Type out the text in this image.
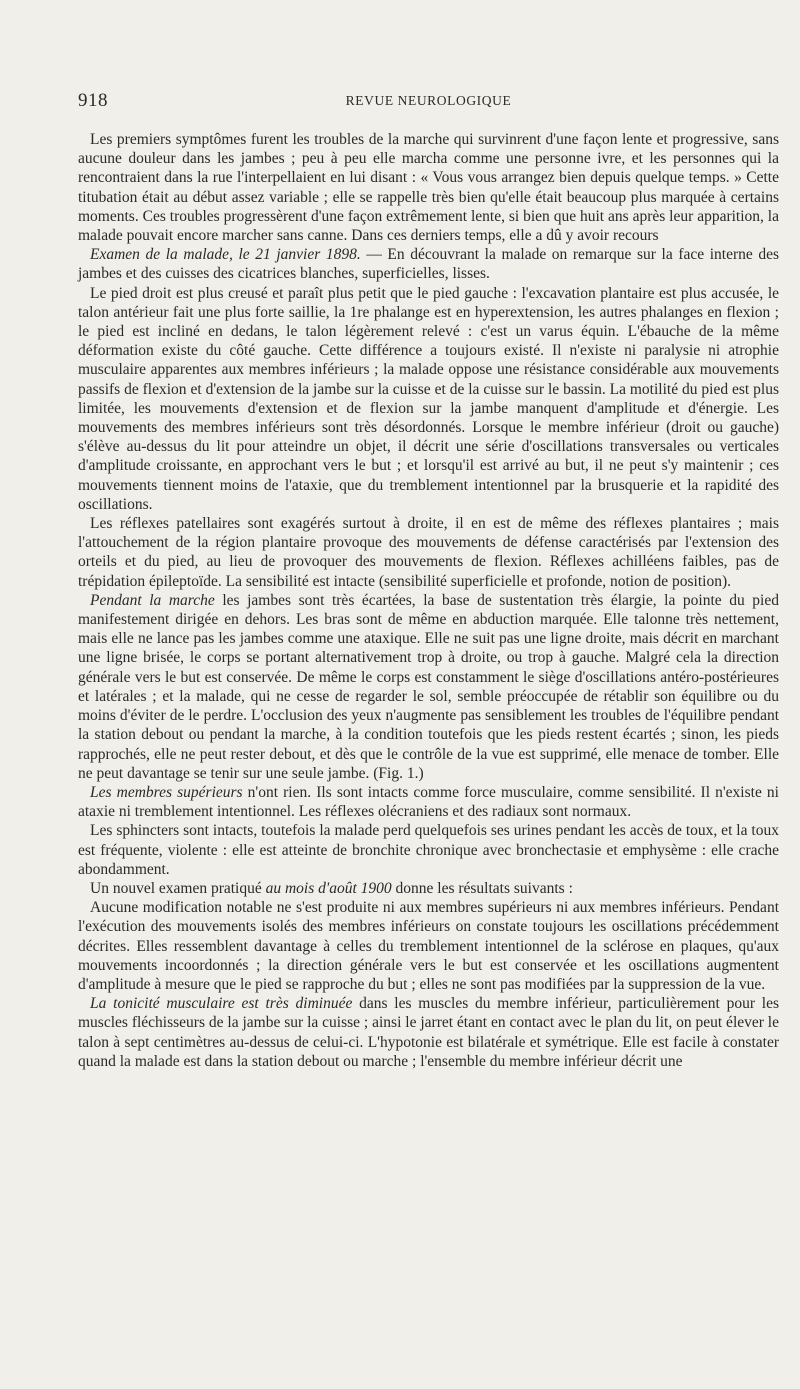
918	REVUE NEUROLOGIQUE

Les premiers symptômes furent les troubles de la marche qui survinrent d'une façon lente et progressive, sans aucune douleur dans les jambes ; peu à peu elle marcha comme une personne ivre, et les personnes qui la rencontraient dans la rue l'interpellaient en lui disant : « Vous vous arrangez bien depuis quelque temps. » Cette titubation était au début assez variable ; elle se rappelle très bien qu'elle était beaucoup plus marquée à certains moments. Ces troubles progressèrent d'une façon extrêmement lente, si bien que huit ans après leur apparition, la malade pouvait encore marcher sans canne. Dans ces derniers temps, elle a dû y avoir recours

Examen de la malade, le 21 janvier 1898. — En découvrant la malade on remarque sur la face interne des jambes et des cuisses des cicatrices blanches, superficielles, lisses.

Le pied droit est plus creusé et paraît plus petit que le pied gauche : l'excavation plantaire est plus accusée, le talon antérieur fait une plus forte saillie, la 1re phalange est en hyperextension, les autres phalanges en flexion ; le pied est incliné en dedans, le talon légèrement relevé : c'est un varus équin. L'ébauche de la même déformation existe du côté gauche. Cette différence a toujours existé. Il n'existe ni paralysie ni atrophie musculaire apparentes aux membres inférieurs ; la malade oppose une résistance considérable aux mouvements passifs de flexion et d'extension de la jambe sur la cuisse et de la cuisse sur le bassin. La motilité du pied est plus limitée, les mouvements d'extension et de flexion sur la jambe manquent d'amplitude et d'énergie. Les mouvements des membres inférieurs sont très désordonnés. Lorsque le membre inférieur (droit ou gauche) s'élève au-dessus du lit pour atteindre un objet, il décrit une série d'oscillations transversales ou verticales d'amplitude croissante, en approchant vers le but ; et lorsqu'il est arrivé au but, il ne peut s'y maintenir ; ces mouvements tiennent moins de l'ataxie, que du tremblement intentionnel par la brusquerie et la rapidité des oscillations.

Les réflexes patellaires sont exagérés surtout à droite, il en est de même des réflexes plantaires ; mais l'attouchement de la région plantaire provoque des mouvements de défense caractérisés par l'extension des orteils et du pied, au lieu de provoquer des mouvements de flexion. Réflexes achilléens faibles, pas de trépidation épileptoïde. La sensibilité est intacte (sensibilité superficielle et profonde, notion de position).

Pendant la marche les jambes sont très écartées, la base de sustentation très élargie, la pointe du pied manifestement dirigée en dehors. Les bras sont de même en abduction marquée. Elle talonne très nettement, mais elle ne lance pas les jambes comme une ataxique. Elle ne suit pas une ligne droite, mais décrit en marchant une ligne brisée, le corps se portant alternativement trop à droite, ou trop à gauche. Malgré cela la direction générale vers le but est conservée. De même le corps est constamment le siège d'oscillations antéro-postérieures et latérales ; et la malade, qui ne cesse de regarder le sol, semble préoccupée de rétablir son équilibre ou du moins d'éviter de le perdre. L'occlusion des yeux n'augmente pas sensiblement les troubles de l'équilibre pendant la station debout ou pendant la marche, à la condition toutefois que les pieds restent écartés ; sinon, les pieds rapprochés, elle ne peut rester debout, et dès que le contrôle de la vue est supprimé, elle menace de tomber. Elle ne peut davantage se tenir sur une seule jambe. (Fig. 1.)

Les membres supérieurs n'ont rien. Ils sont intacts comme force musculaire, comme sensibilité. Il n'existe ni ataxie ni tremblement intentionnel. Les réflexes olécraniens et des radiaux sont normaux.

Les sphincters sont intacts, toutefois la malade perd quelquefois ses urines pendant les accès de toux, et la toux est fréquente, violente : elle est atteinte de bronchite chronique avec bronchectasie et emphysème : elle crache abondamment.

Un nouvel examen pratiqué au mois d'août 1900 donne les résultats suivants :

Aucune modification notable ne s'est produite ni aux membres supérieurs ni aux membres inférieurs. Pendant l'exécution des mouvements isolés des membres inférieurs on constate toujours les oscillations précédemment décrites. Elles ressemblent davantage à celles du tremblement intentionnel de la sclérose en plaques, qu'aux mouvements incoordonnés ; la direction générale vers le but est conservée et les oscillations augmentent d'amplitude à mesure que le pied se rapproche du but ; elles ne sont pas modifiées par la suppression de la vue.

La tonicité musculaire est très diminuée dans les muscles du membre inférieur, particulièrement pour les muscles fléchisseurs de la jambe sur la cuisse ; ainsi le jarret étant en contact avec le plan du lit, on peut élever le talon à sept centimètres au-dessus de celui-ci. L'hypotonie est bilatérale et symétrique. Elle est facile à constater quand la malade est dans la station debout ou marche ; l'ensemble du membre inférieur décrit une
